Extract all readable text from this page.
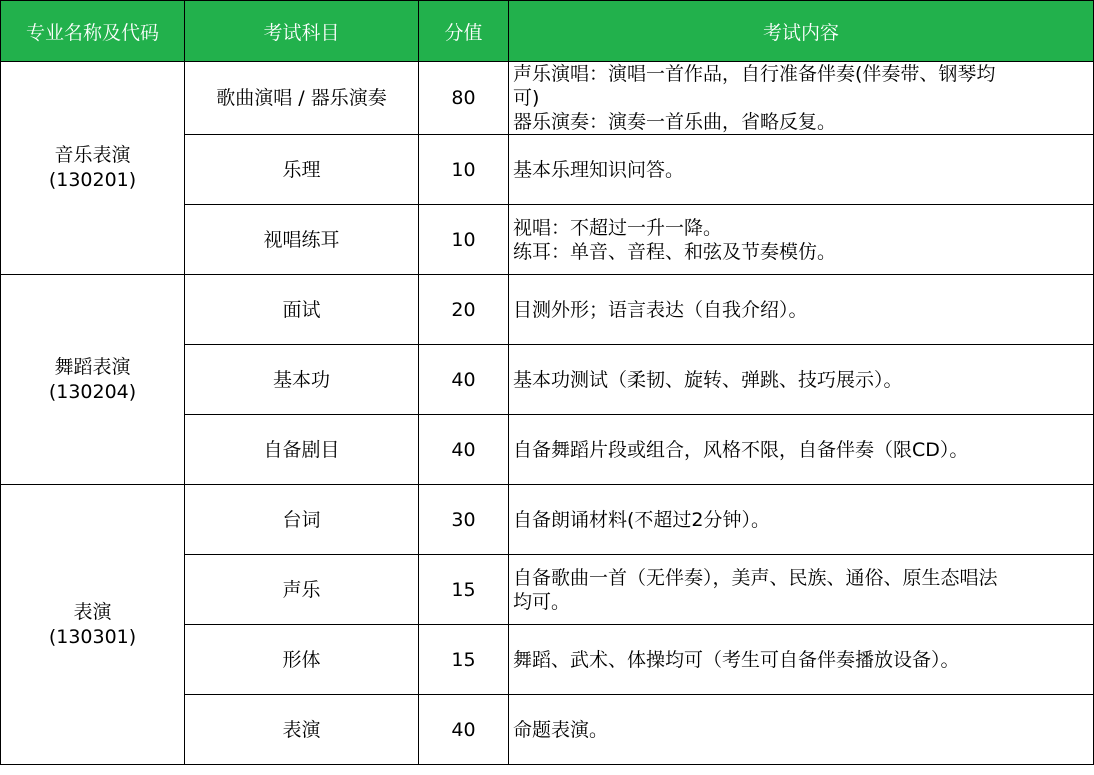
专业名称及代码	考试科目	分值	考试内容

音乐表演
(130201)	歌曲演唱 / 器乐演奏	80	声乐演唱：演唱一首作品，自行准备伴奏(伴奏带、钢琴均
可)
器乐演奏：演奏一首乐曲，省略反复。

	乐理	10	基本乐理知识问答。

	视唱练耳	10	视唱：不超过一升一降。
练耳：单音、音程、和弦及节奏模仿。

舞蹈表演
(130204)	面试	20	目测外形；语言表达（自我介绍）。

	基本功	40	基本功测试（柔韧、旋转、弹跳、技巧展示）。

	自备剧目	40	自备舞蹈片段或组合，风格不限，自备伴奏（限CD）。

表演
(130301)	台词	30	自备朗诵材料(不超过2分钟）。

	声乐	15	自备歌曲一首（无伴奏），美声、民族、通俗、原生态唱法
均可。

	形体	15	舞蹈、武术、体操均可（考生可自备伴奏播放设备）。

	表演	40	命题表演。
